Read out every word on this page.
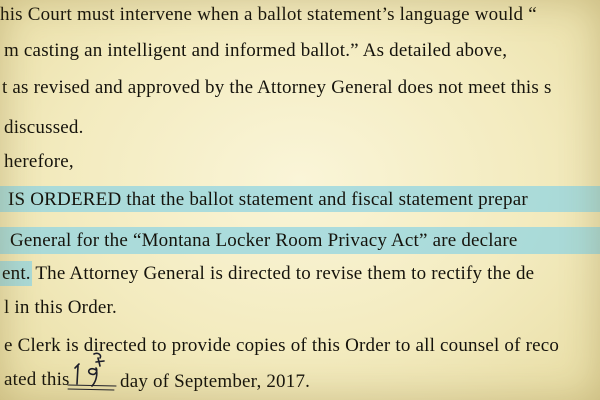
his Court must intervene when a ballot statement’s language would “
m casting an intelligent and informed ballot.” As detailed above,
t as revised and approved by the Attorney General does not meet this s
discussed.
herefore,
IS ORDERED that the ballot statement and fiscal statement prepar
General for the “Montana Locker Room Privacy Act” are declare
ent. The Attorney General is directed to revise them to rectify the de
l in this Order.
e Clerk is directed to provide copies of this Order to all counsel of reco
ated this	day of September, 2017.
